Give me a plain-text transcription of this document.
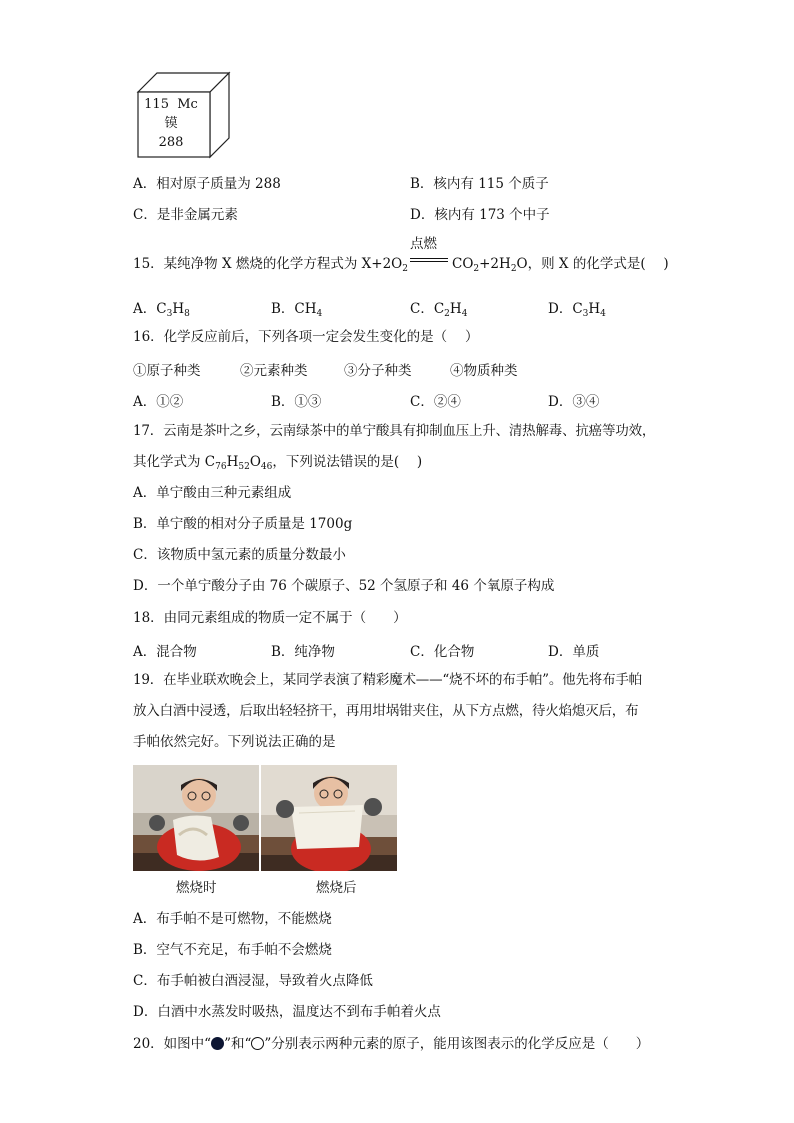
115 Mc
镆
288
A．相对原子质量为 288	B．核内有 115 个质子
C．是非金属元素	D．核内有 173 个中子
15．某纯净物 X 燃烧的化学方程式为 $X+2O_2$
点燃
$CO_2+2H_2O$，则 X 的化学式是(　 )
A．$C_3H_8$	B．$CH_4$	C．$C_2H_4$	D．$C_3H_4$
16．化学反应前后，下列各项一定会发生变化的是（　 ）
①原子种类	②元素种类	③分子种类	④物质种类
A．①②	B．①③	C．②④	D．③④
17．云南是茶叶之乡，云南绿茶中的单宁酸具有抑制血压上升、清热解毒、抗癌等功效，
其化学式为 $C_{76}H_{52}O_{46}$，下列说法错误的是(　 )
A．单宁酸由三种元素组成
B．单宁酸的相对分子质量是 1700g
C．该物质中氢元素的质量分数最小
D．一个单宁酸分子由 76 个碳原子、52 个氢原子和 46 个氧原子构成
18．由同元素组成的物质一定不属于（　　）
A．混合物	B．纯净物	C．化合物	D．单质
19．在毕业联欢晚会上，某同学表演了精彩魔术——“烧不坏的布手帕”。他先将布手帕
放入白酒中浸透，后取出轻轻挤干，再用坩埚钳夹住，从下方点燃，待火焰熄灭后，布
手帕依然完好。下列说法正确的是
燃烧时	燃烧后
A．布手帕不是可燃物，不能燃烧
B．空气不充足，布手帕不会燃烧
C．布手帕被白酒浸湿，导致着火点降低
D．白酒中水蒸发时吸热，温度达不到布手帕着火点
20．如图中“ ”和“ ”分别表示两种元素的原子，能用该图表示的化学反应是（　　）
